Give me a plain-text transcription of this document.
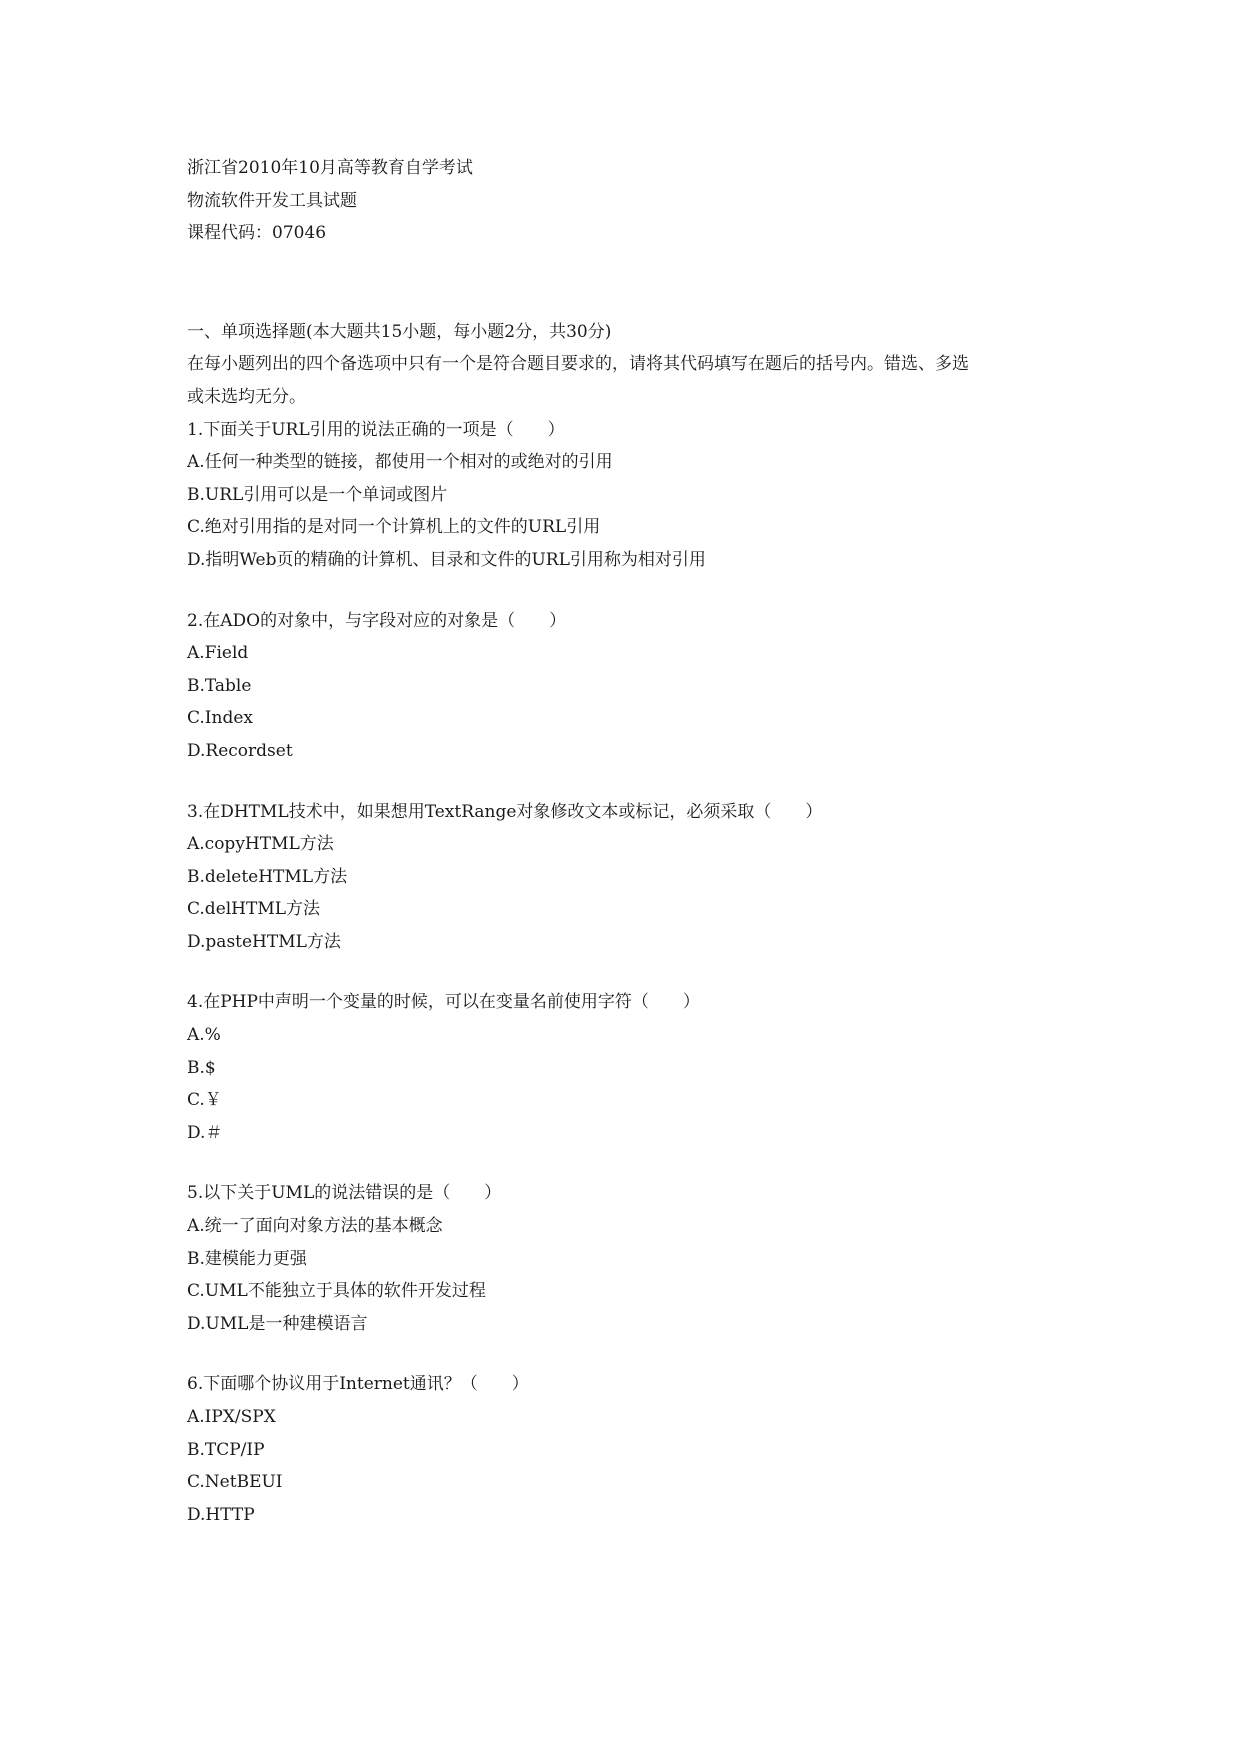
浙江省2010年10月高等教育自学考试
物流软件开发工具试题
课程代码：07046
一、单项选择题(本大题共15小题，每小题2分，共30分)
在每小题列出的四个备选项中只有一个是符合题目要求的，请将其代码填写在题后的括号内。错选、多选
或未选均无分。
1.下面关于URL引用的说法正确的一项是（　　）
A.任何一种类型的链接，都使用一个相对的或绝对的引用
B.URL引用可以是一个单词或图片
C.绝对引用指的是对同一个计算机上的文件的URL引用
D.指明Web页的精确的计算机、目录和文件的URL引用称为相对引用
2.在ADO的对象中，与字段对应的对象是（　　）
A.Field
B.Table
C.Index
D.Recordset
3.在DHTML技术中，如果想用TextRange对象修改文本或标记，必须采取（　　）
A.copyHTML方法
B.deleteHTML方法
C.delHTML方法
D.pasteHTML方法
4.在PHP中声明一个变量的时候，可以在变量名前使用字符（　　）
A.%
B.$
C.￥
D.＃
5.以下关于UML的说法错误的是（　　）
A.统一了面向对象方法的基本概念
B.建模能力更强
C.UML不能独立于具体的软件开发过程
D.UML是一种建模语言
6.下面哪个协议用于Internet通讯？（　　）
A.IPX/SPX
B.TCP/IP
C.NetBEUI
D.HTTP
